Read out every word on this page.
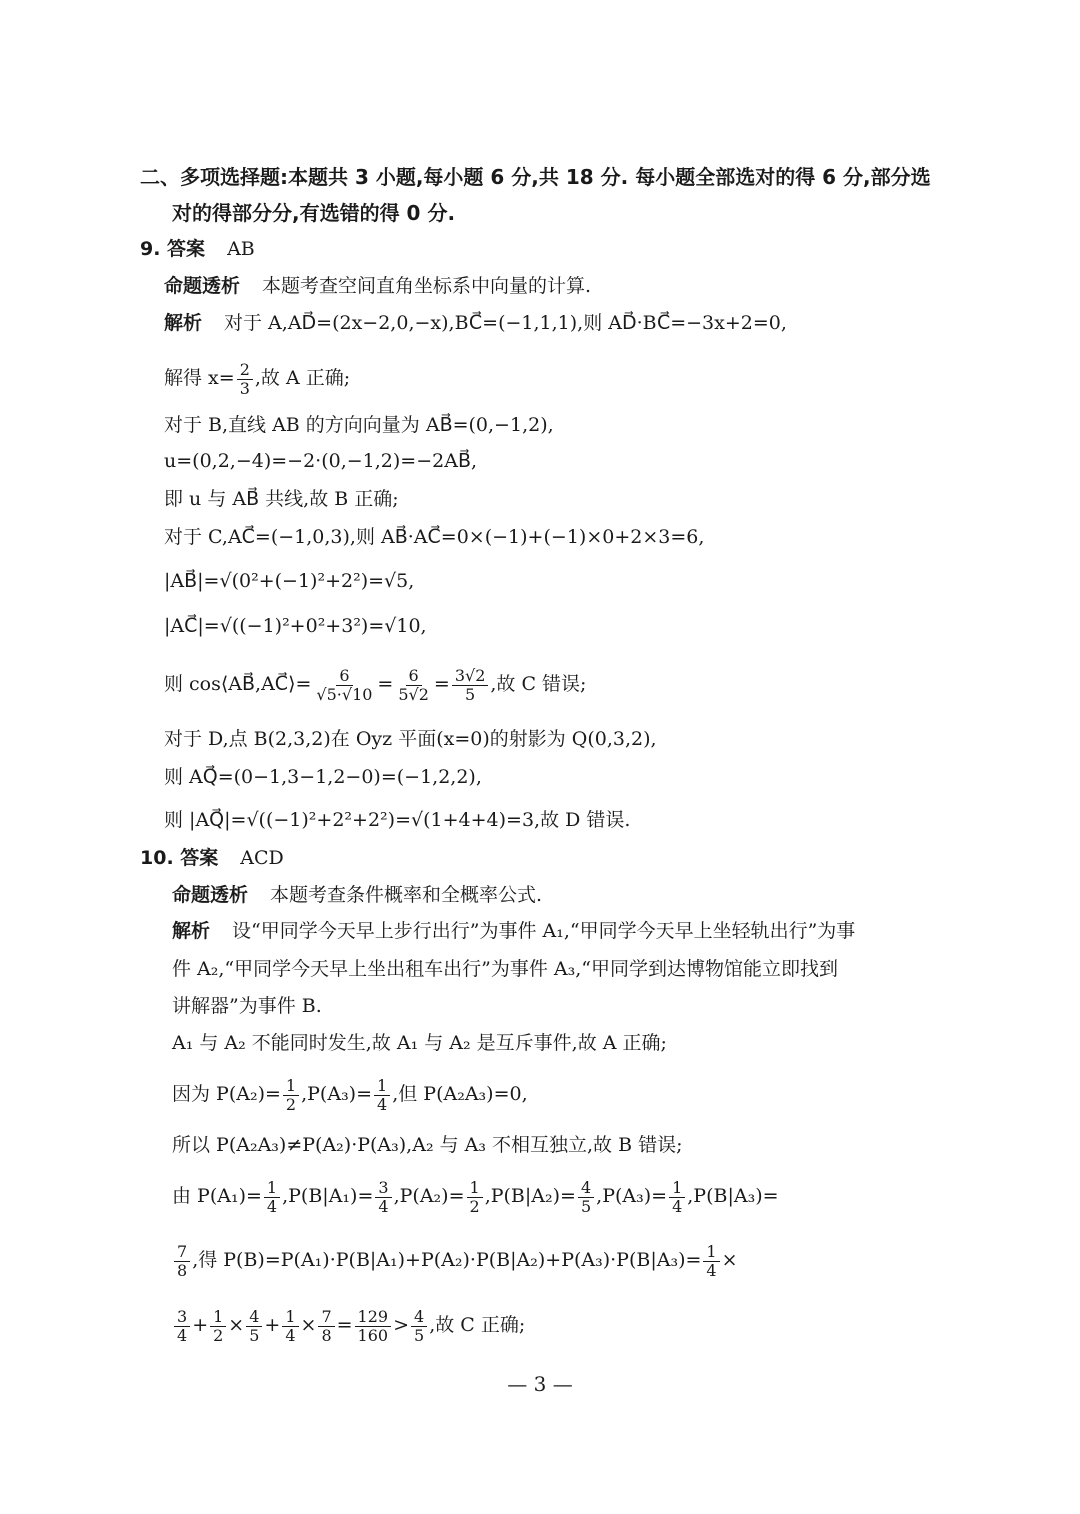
二、多项选择题:本题共 3 小题,每小题 6 分,共 18 分. 每小题全部选对的得 6 分,部分选
对的得部分分,有选错的得 0 分.
9. 答案 AB
命题透析 本题考查空间直角坐标系中向量的计算.
解析 对于 A,AD⃗=(2x−2,0,−x),BC⃗=(−1,1,1),则 AD⃗·BC⃗=−3x+2=0,
解得 $x= \frac{2}{3}$ ,故 A 正确;
对于 B,直线 AB 的方向向量为 AB⃗=(0,−1,2),
u=(0,2,−4)=−2·(0,−1,2)=−2AB⃗,
即 u 与 AB⃗ 共线,故 B 正确;
对于 C,AC⃗=(−1,0,3),则 AB⃗·AC⃗=0×(−1)+(−1)×0+2×3=6,
|AB⃗|=√(0²+(−1)²+2²)=√5,
|AC⃗|=√((−1)²+0²+3²)=√10,
则 cos⟨AB⃗,AC⃗⟩= $\frac{6}{√5\cdot√10} = \frac{6}{5√2} = \frac{3√2}{5}$ ,故 C 错误;
对于 D,点 B(2,3,2)在 Oyz 平面(x=0)的射影为 Q(0,3,2),
则 AQ⃗=(0−1,3−1,2−0)=(−1,2,2),
则 |AQ⃗|=√((−1)²+2²+2²)=√(1+4+4)=3,故 D 错误.
10. 答案 ACD
命题透析 本题考查条件概率和全概率公式.
解析 设“甲同学今天早上步行出行”为事件 A₁,“甲同学今天早上坐轻轨出行”为事
件 A₂,“甲同学今天早上坐出租车出行”为事件 A₃,“甲同学到达博物馆能立即找到
讲解器”为事件 B.
A₁ 与 A₂ 不能同时发生,故 A₁ 与 A₂ 是互斥事件,故 A 正确;
因为 $P(A_2)= \frac{1}{2} ,P(A_3)= \frac{1}{4}$ ,但 P(A₂A₃)=0,
所以 P(A₂A₃)≠P(A₂)·P(A₃),A₂ 与 A₃ 不相互独立,故 B 错误;
由 $P(A_1)= \frac{1}{4} ,P(B|A_1)= \frac{3}{4} ,P(A_2)= \frac{1}{2} ,P(B|A_2)= \frac{4}{5} ,P(A_3)= \frac{1}{4} ,P(B|A_3)=$
$\frac{7}{8}$ ,得 $P(B)=P(A_1)\cdot P(B|A_1)+P(A_2)\cdot P(B|A_2)+P(A_3)\cdot P(B|A_3)= \frac{1}{4}$ ×
$\frac{3}{4} + \frac{1}{2} \times \frac{4}{5} + \frac{1}{4} \times \frac{7}{8} = \frac{129}{160} > \frac{4}{5}$ ,故 C 正确;
— 3 —
